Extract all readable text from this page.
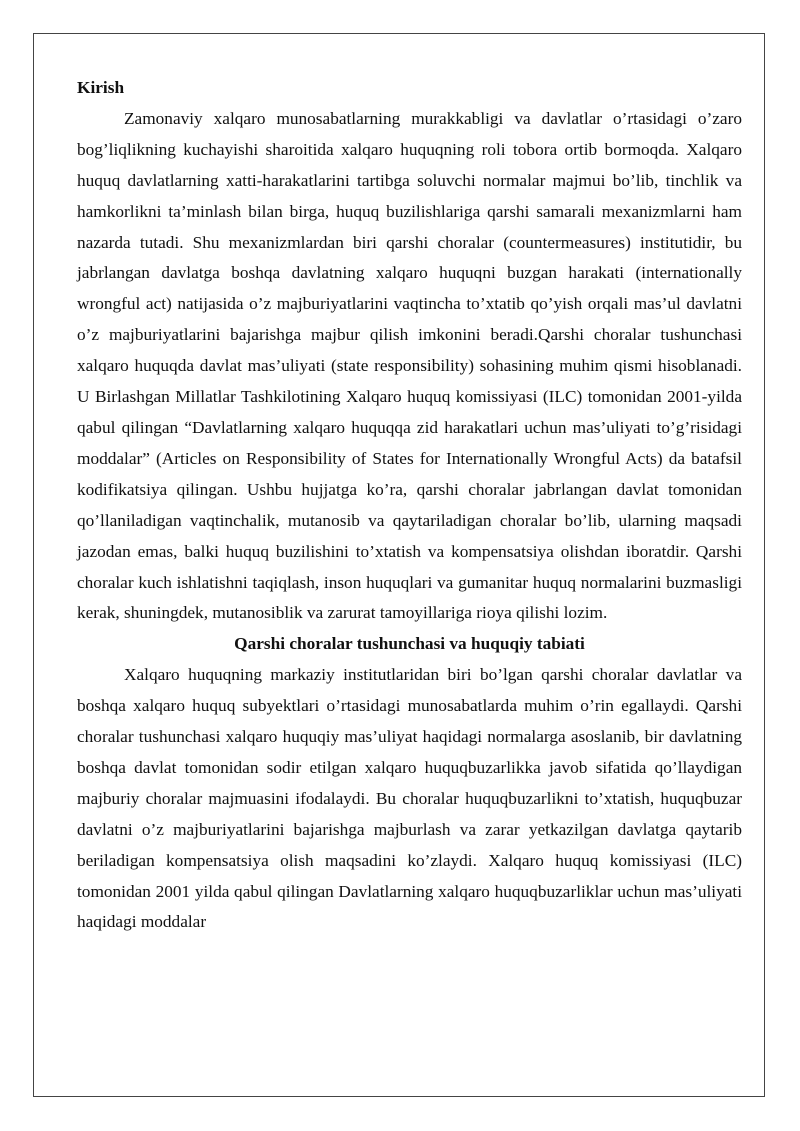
Kirish

Zamonaviy xalqaro munosabatlarning murakkabligi va davlatlar o’rtasidagi o’zaro bog’liqlikning kuchayishi sharoitida xalqaro huquqning roli tobora ortib bormoqda. Xalqaro huquq davlatlarning xatti-harakatlarini tartibga soluvchi normalar majmui bo’lib, tinchlik va hamkorlikni ta’minlash bilan birga, huquq buzilishlariga qarshi samarali mexanizmlarni ham nazarda tutadi. Shu mexanizmlardan biri qarshi choralar (countermeasures) institutidir, bu jabrlangan davlatga boshqa davlatning xalqaro huquqni buzgan harakati (internationally wrongful act) natijasida o’z majburiyatlarini vaqtincha to’xtatib qo’yish orqali mas’ul davlatni o’z majburiyatlarini bajarishga majbur qilish imkonini beradi.Qarshi choralar tushunchasi xalqaro huquqda davlat mas’uliyati (state responsibility) sohasining muhim qismi hisoblanadi. U Birlashgan Millatlar Tashkilotining Xalqaro huquq komissiyasi (ILC) tomonidan 2001-yilda qabul qilingan “Davlatlarning xalqaro huquqqa zid harakatlari uchun mas’uliyati to’g’risidagi moddalar” (Articles on Responsibility of States for Internationally Wrongful Acts) da batafsil kodifikatsiya qilingan. Ushbu hujjatga ko’ra, qarshi choralar jabrlangan davlat tomonidan qo’llaniladigan vaqtinchalik, mutanosib va qaytariladigan choralar bo’lib, ularning maqsadi jazodan emas, balki huquq buzilishini to’xtatish va kompensatsiya olishdan iboratdir. Qarshi choralar kuch ishlatishni taqiqlash, inson huquqlari va gumanitar huquq normalarini buzmasligi kerak, shuningdek, mutanosiblik va zarurat tamoyillariga rioya qilishi lozim.

Qarshi choralar tushunchasi va huquqiy tabiati

Xalqaro huquqning markaziy institutlaridan biri bo’lgan qarshi choralar davlatlar va boshqa xalqaro huquq subyektlari o’rtasidagi munosabatlarda muhim o’rin egallaydi. Qarshi choralar tushunchasi xalqaro huquqiy mas’uliyat haqidagi normalarga asoslanib, bir davlatning boshqa davlat tomonidan sodir etilgan xalqaro huquqbuzarlikka javob sifatida qo’llaydigan majburiy choralar majmuasini ifodalaydi. Bu choralar huquqbuzarlikni to’xtatish, huquqbuzar davlatni o’z majburiyatlarini bajarishga majburlash va zarar yetkazilgan davlatga qaytarib beriladigan kompensatsiya olish maqsadini ko’zlaydi. Xalqaro huquq komissiyasi (ILC) tomonidan 2001 yilda qabul qilingan Davlatlarning xalqaro huquqbuzarliklar uchun mas’uliyati haqidagi moddalar
